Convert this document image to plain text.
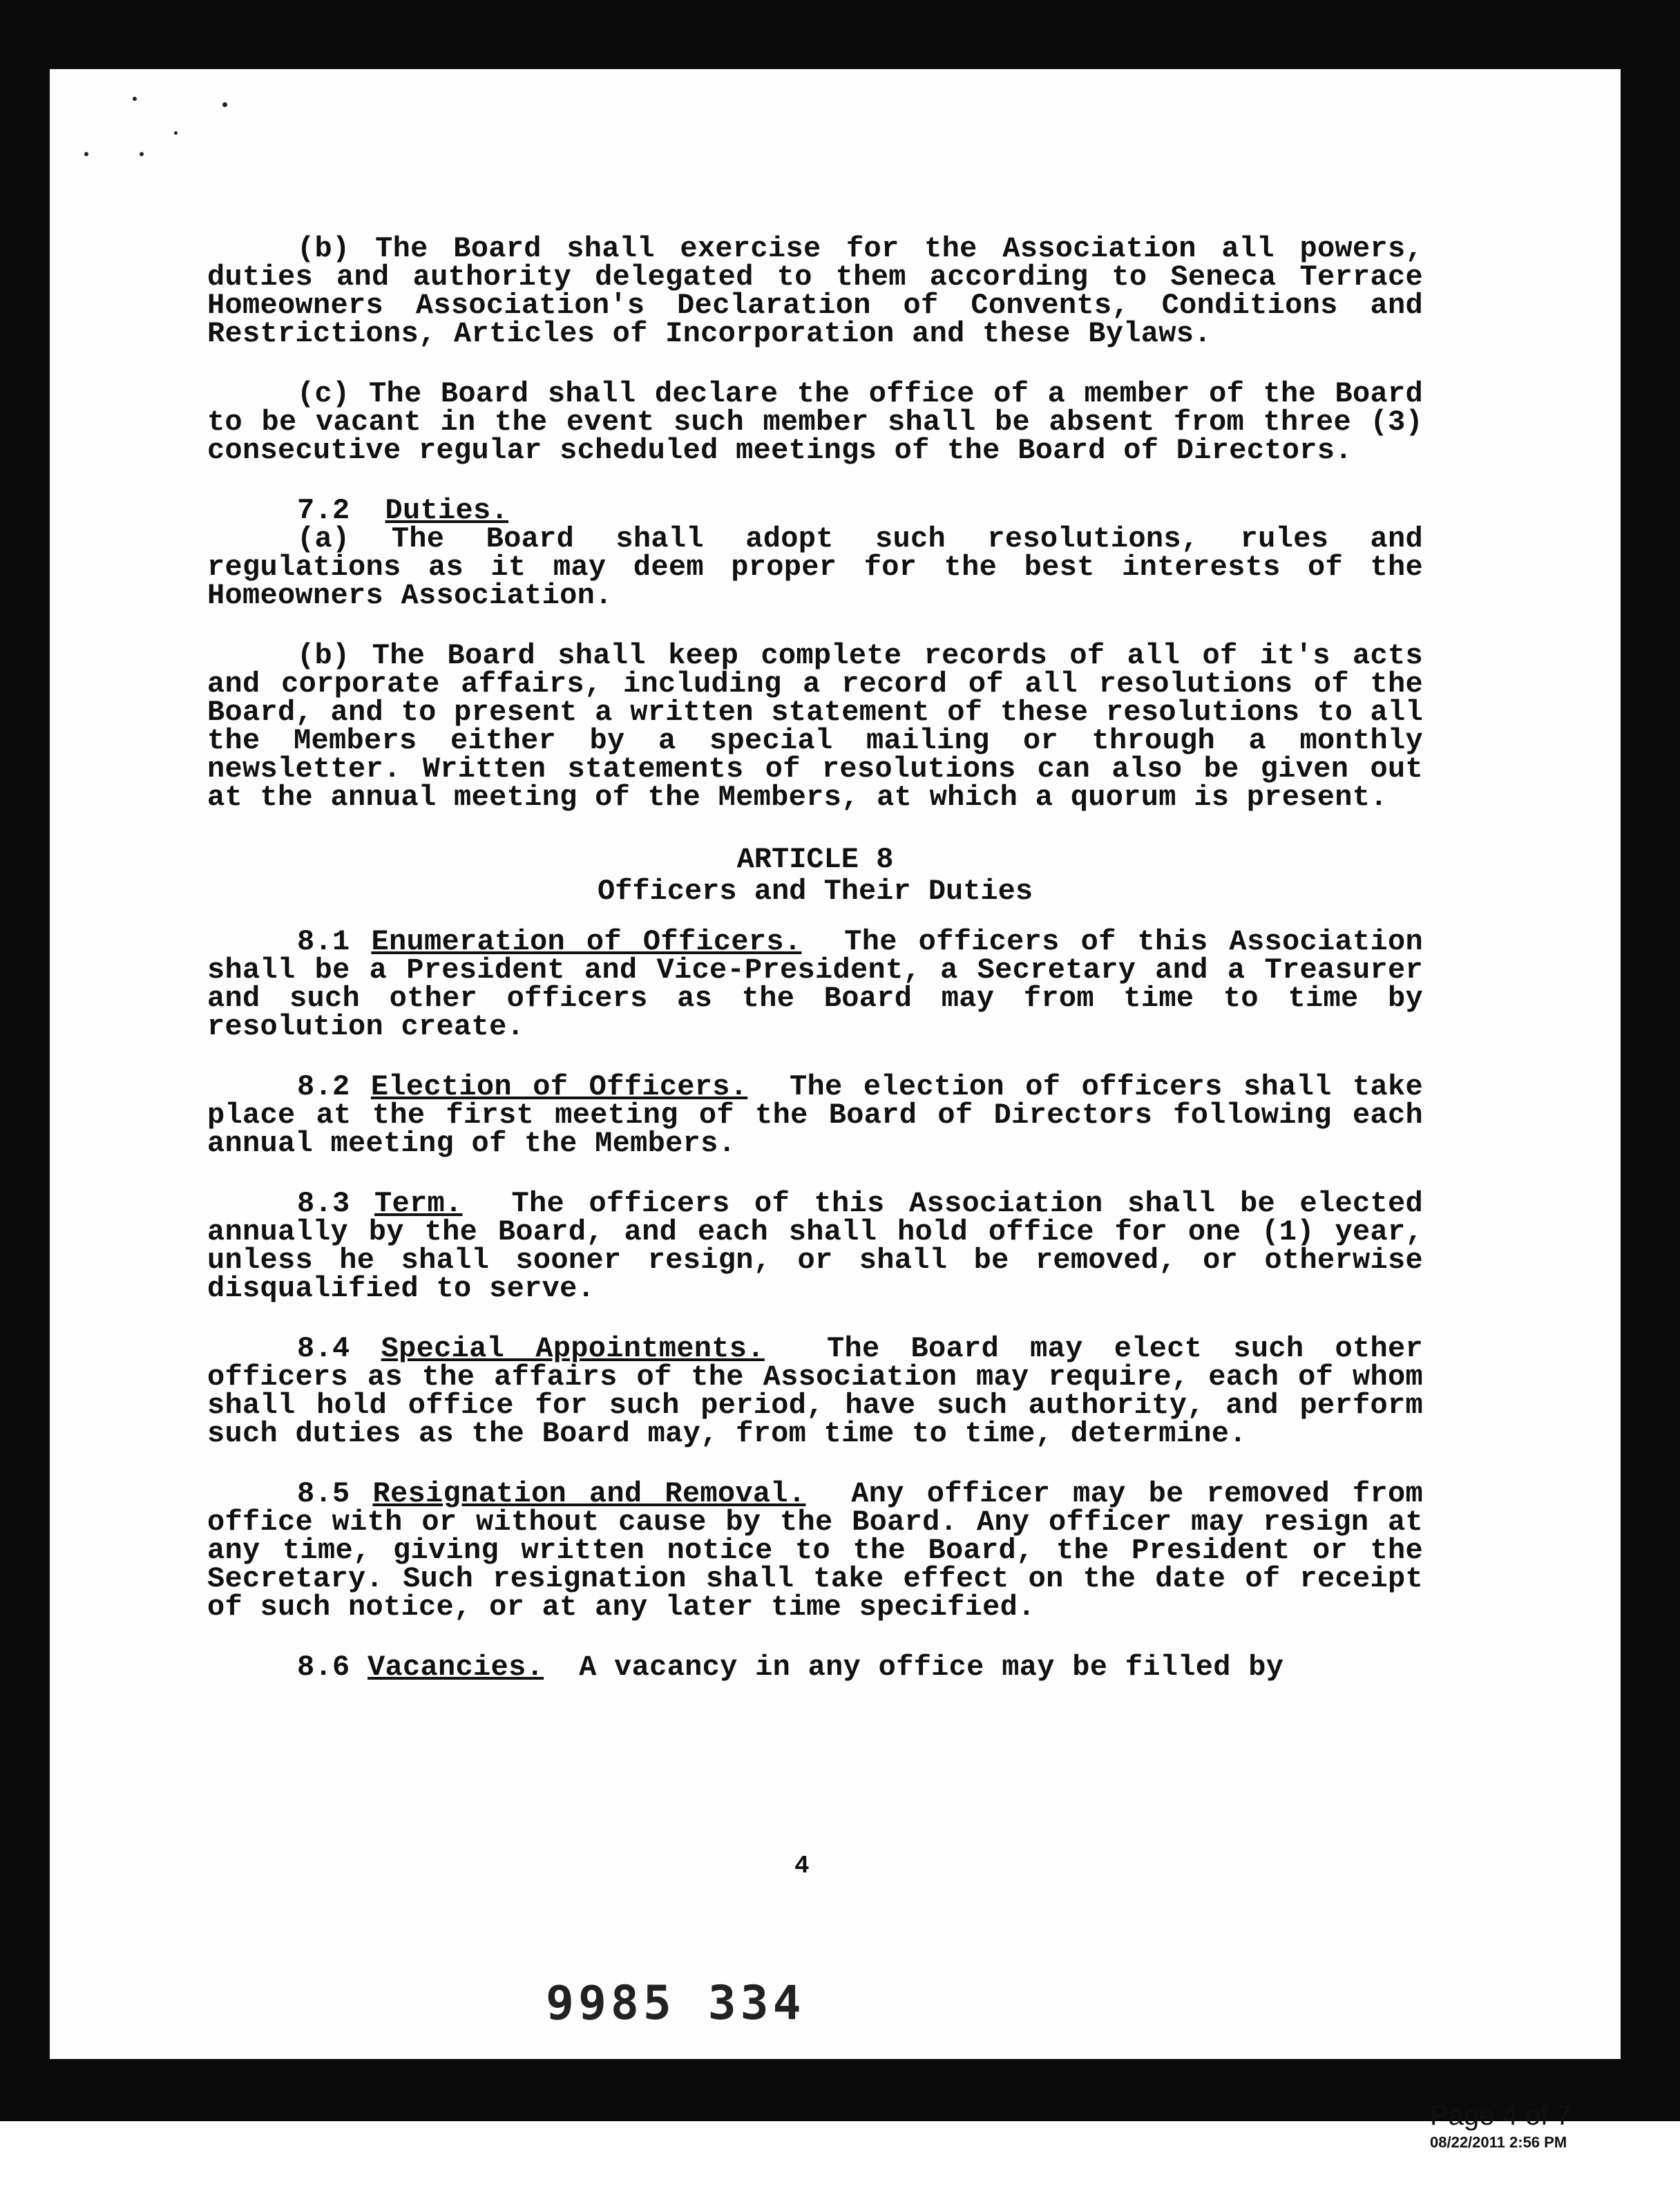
(b) The Board shall exercise for the Association all powers, duties and authority delegated to them according to Seneca Terrace Homeowners Association's Declaration of Convents, Conditions and Restrictions, Articles of Incorporation and these Bylaws.

(c) The Board shall declare the office of a member of the Board to be vacant in the event such member shall be absent from three (3) consecutive regular scheduled meetings of the Board of Directors.

7.2 Duties.

(a) The Board shall adopt such resolutions, rules and regulations as it may deem proper for the best interests of the Homeowners Association.

(b) The Board shall keep complete records of all of it's acts and corporate affairs, including a record of all resolutions of the Board, and to present a written statement of these resolutions to all the Members either by a special mailing or through a monthly newsletter. Written statements of resolutions can also be given out at the annual meeting of the Members, at which a quorum is present.

ARTICLE 8
Officers and Their Duties

8.1 Enumeration of Officers. The officers of this Association shall be a President and Vice-President, a Secretary and a Treasurer and such other officers as the Board may from time to time by resolution create.

8.2 Election of Officers. The election of officers shall take place at the first meeting of the Board of Directors following each annual meeting of the Members.

8.3 Term. The officers of this Association shall be elected annually by the Board, and each shall hold office for one (1) year, unless he shall sooner resign, or shall be removed, or otherwise disqualified to serve.

8.4 Special Appointments. The Board may elect such other officers as the affairs of the Association may require, each of whom shall hold office for such period, have such authority, and perform such duties as the Board may, from time to time, determine.

8.5 Resignation and Removal. Any officer may be removed from office with or without cause by the Board. Any officer may resign at any time, giving written notice to the Board, the President or the Secretary. Such resignation shall take effect on the date of receipt of such notice, or at any later time specified.

8.6 Vacancies. A vacancy in any office may be filled by

4
9985 334
Page 4 of 7
08/22/2011 2:56 PM
